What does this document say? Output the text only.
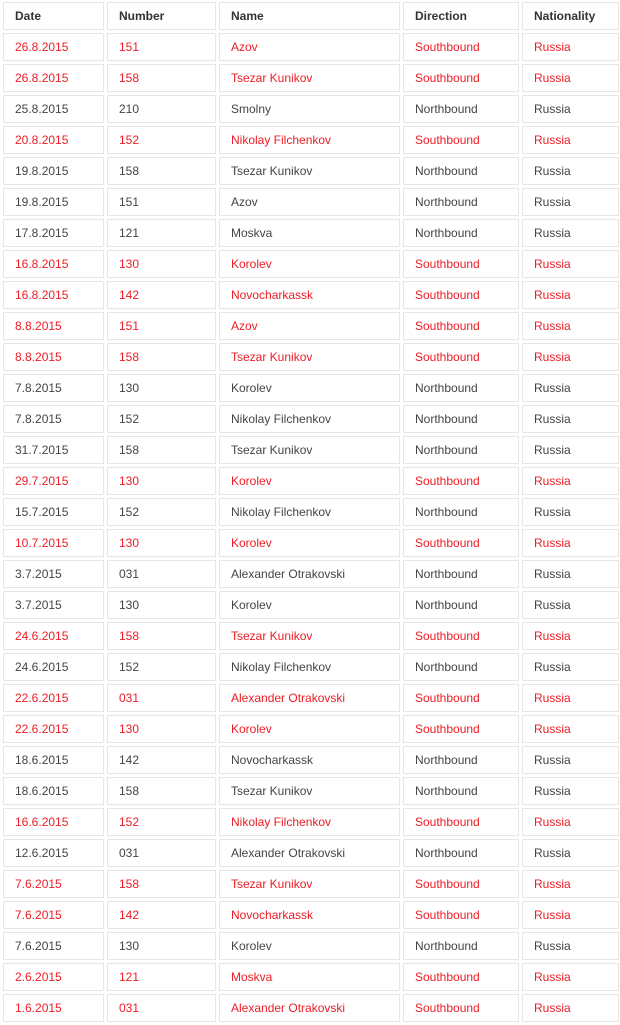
Date	Number	Name	Direction	Nationality
26.8.2015	151	Azov	Southbound	Russia
26.8.2015	158	Tsezar Kunikov	Southbound	Russia
25.8.2015	210	Smolny	Northbound	Russia
20.8.2015	152	Nikolay Filchenkov	Southbound	Russia
19.8.2015	158	Tsezar Kunikov	Northbound	Russia
19.8.2015	151	Azov	Northbound	Russia
17.8.2015	121	Moskva	Northbound	Russia
16.8.2015	130	Korolev	Southbound	Russia
16.8.2015	142	Novocharkassk	Southbound	Russia
8.8.2015	151	Azov	Southbound	Russia
8.8.2015	158	Tsezar Kunikov	Southbound	Russia
7.8.2015	130	Korolev	Northbound	Russia
7.8.2015	152	Nikolay Filchenkov	Northbound	Russia
31.7.2015	158	Tsezar Kunikov	Northbound	Russia
29.7.2015	130	Korolev	Southbound	Russia
15.7.2015	152	Nikolay Filchenkov	Northbound	Russia
10.7.2015	130	Korolev	Southbound	Russia
3.7.2015	031	Alexander Otrakovski	Northbound	Russia
3.7.2015	130	Korolev	Northbound	Russia
24.6.2015	158	Tsezar Kunikov	Southbound	Russia
24.6.2015	152	Nikolay Filchenkov	Northbound	Russia
22.6.2015	031	Alexander Otrakovski	Southbound	Russia
22.6.2015	130	Korolev	Southbound	Russia
18.6.2015	142	Novocharkassk	Northbound	Russia
18.6.2015	158	Tsezar Kunikov	Northbound	Russia
16.6.2015	152	Nikolay Filchenkov	Southbound	Russia
12.6.2015	031	Alexander Otrakovski	Northbound	Russia
7.6.2015	158	Tsezar Kunikov	Southbound	Russia
7.6.2015	142	Novocharkassk	Southbound	Russia
7.6.2015	130	Korolev	Northbound	Russia
2.6.2015	121	Moskva	Southbound	Russia
1.6.2015	031	Alexander Otrakovski	Southbound	Russia
